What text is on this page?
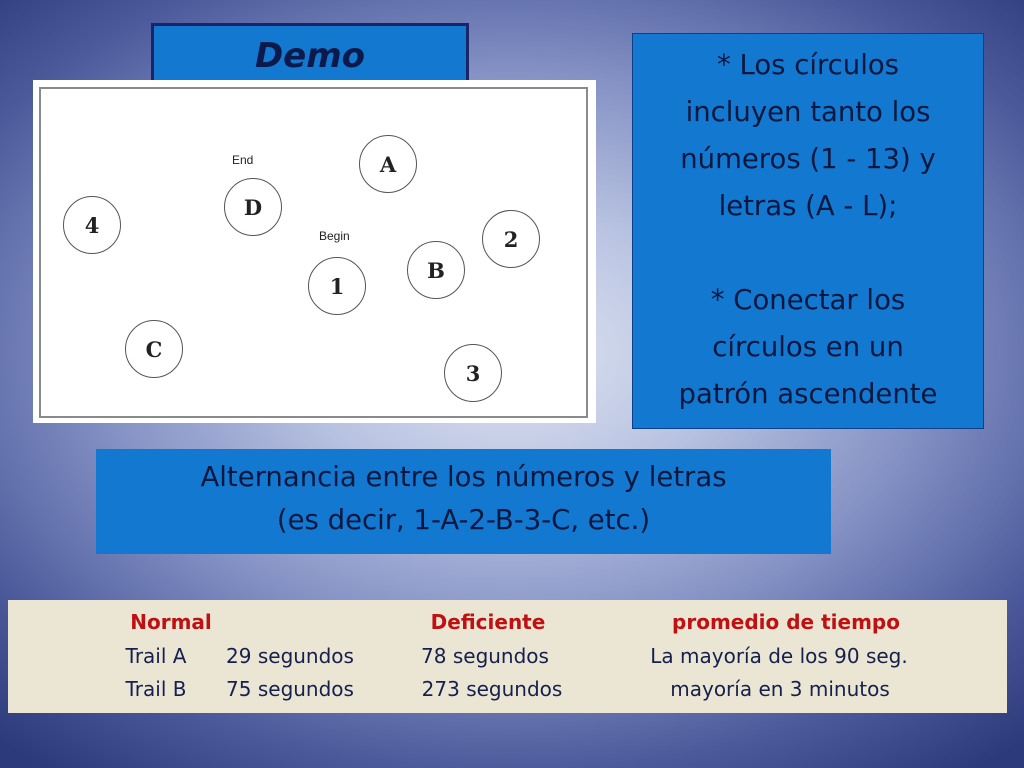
Demo
End
Begin
A
D
4
2
1
B
C
3

* Los círculos

incluyen tanto los

números (1 - 13) y

letras (A - L);

* Conectar los

círculos en un

patrón ascendente

Alternancia entre los números y letras
(es decir, 1-A-2-B-3-C, etc.)
Normal	Deficiente	promedio de tiempo
Trail A 29 segundos	78 segundos	La mayoría de los 90 seg.
Trail B 75 segundos	273 segundos	mayoría en 3 minutos
